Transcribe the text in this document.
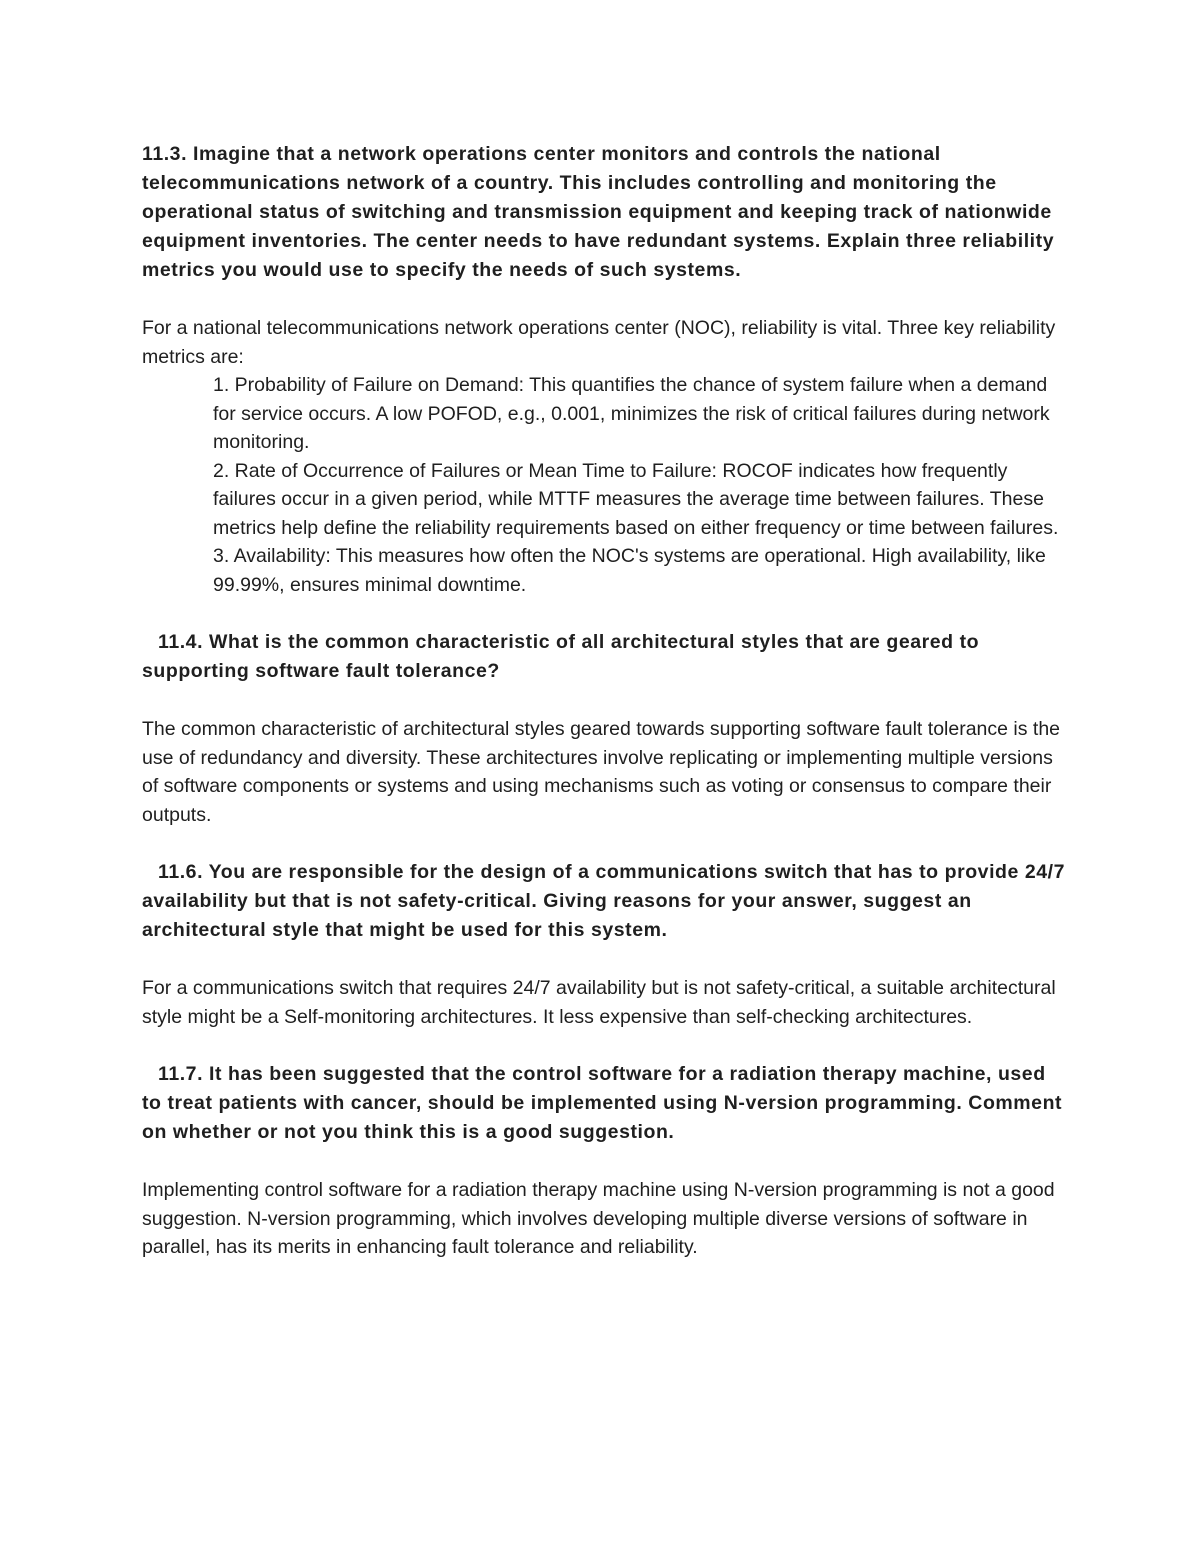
11.3. Imagine that a network operations center monitors and controls the national telecommunications network of a country. This includes controlling and monitoring the operational status of switching and transmission equipment and keeping track of nationwide equipment inventories. The center needs to have redundant systems. Explain three reliability metrics you would use to specify the needs of such systems.

For a national telecommunications network operations center (NOC), reliability is vital. Three key reliability metrics are:

1. Probability of Failure on Demand: This quantifies the chance of system failure when a demand for service occurs. A low POFOD, e.g., 0.001, minimizes the risk of critical failures during network monitoring.
2. Rate of Occurrence of Failures or Mean Time to Failure: ROCOF indicates how frequently failures occur in a given period, while MTTF measures the average time between failures. These metrics help define the reliability requirements based on either frequency or time between failures.
3. Availability: This measures how often the NOC's systems are operational. High availability, like 99.99%, ensures minimal downtime.

11.4. What is the common characteristic of all architectural styles that are geared to supporting software fault tolerance?

The common characteristic of architectural styles geared towards supporting software fault tolerance is the use of redundancy and diversity. These architectures involve replicating or implementing multiple versions of software components or systems and using mechanisms such as voting or consensus to compare their outputs.

11.6. You are responsible for the design of a communications switch that has to provide 24/7 availability but that is not safety-critical. Giving reasons for your answer, suggest an architectural style that might be used for this system.

For a communications switch that requires 24/7 availability but is not safety-critical, a suitable architectural style might be a Self-monitoring architectures. It less expensive than self-checking architectures.

11.7. It has been suggested that the control software for a radiation therapy machine, used to treat patients with cancer, should be implemented using N-version programming. Comment on whether or not you think this is a good suggestion.

Implementing control software for a radiation therapy machine using N-version programming is not a good suggestion. N-version programming, which involves developing multiple diverse versions of software in parallel, has its merits in enhancing fault tolerance and reliability.
